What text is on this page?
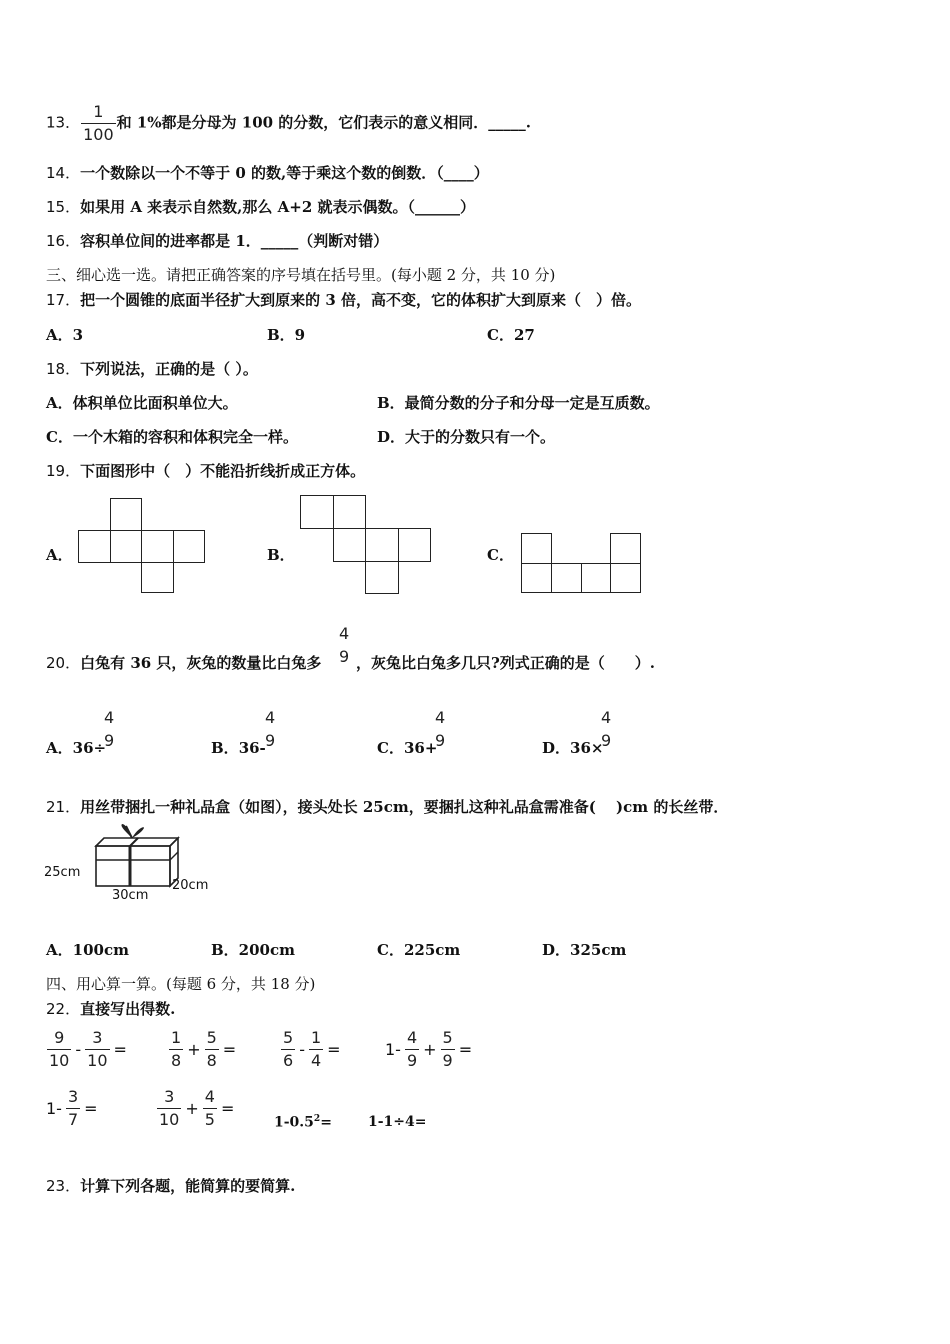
13． $\frac{1}{100}$ 和 1%都是分母为 100 的分数，它们表示的意义相同．_____.
14．一个数除以一个不等于 0 的数,等于乘这个数的倒数．（____）
15．如果用 A 来表示自然数,那么 A+2 就表示偶数。（______）
16．容积单位间的进率都是 1．_____（判断对错）
三、细心选一选。请把正确答案的序号填在括号里。(每小题 2 分，共 10 分)
17．把一个圆锥的底面半径扩大到原来的 3 倍，高不变，它的体积扩大到原来（　）倍。
A．3	B．9	C．27
18．下列说法，正确的是（ ）。
A．体积单位比面积单位大。	B．最简分数的分子和分母一定是互质数。
C．一个木箱的容积和体积完全一样。	D．大于的分数只有一个。
19．下面图形中（　）不能沿折线折成正方体。
A．	B．	C．
20．白兔有 36 只，灰兔的数量比白兔多 $\frac{4}{9}$ ，灰兔比白兔多几只?列式正确的是（　　）.
A．36÷
$\frac{4}{9}$	B．36-
$\frac{4}{9}$	C．36+
$\frac{4}{9}$	D．36×
$\frac{4}{9}$
21．用丝带捆扎一种礼品盒（如图），接头处长 25cm，要捆扎这种礼品盒需准备(　 )cm 的长丝带．
25cm
30cm
20cm
A．100cm	B．200cm	C．225cm	D．325cm
四、用心算一算。(每题 6 分，共 18 分)
22．直接写出得数.
$\frac{9}{10} - \frac{3}{10}$ =	$\frac{1}{8} + \frac{5}{8}$ =	$\frac{5}{6} - \frac{1}{4}$ =	$1- \frac{4}{9} + \frac{5}{9}$ =
$1- \frac{3}{7}$ =	$\frac{3}{10} + \frac{4}{5}$ =
$1-0.5^2=$	1-1÷4=
23．计算下列各题，能简算的要简算.
